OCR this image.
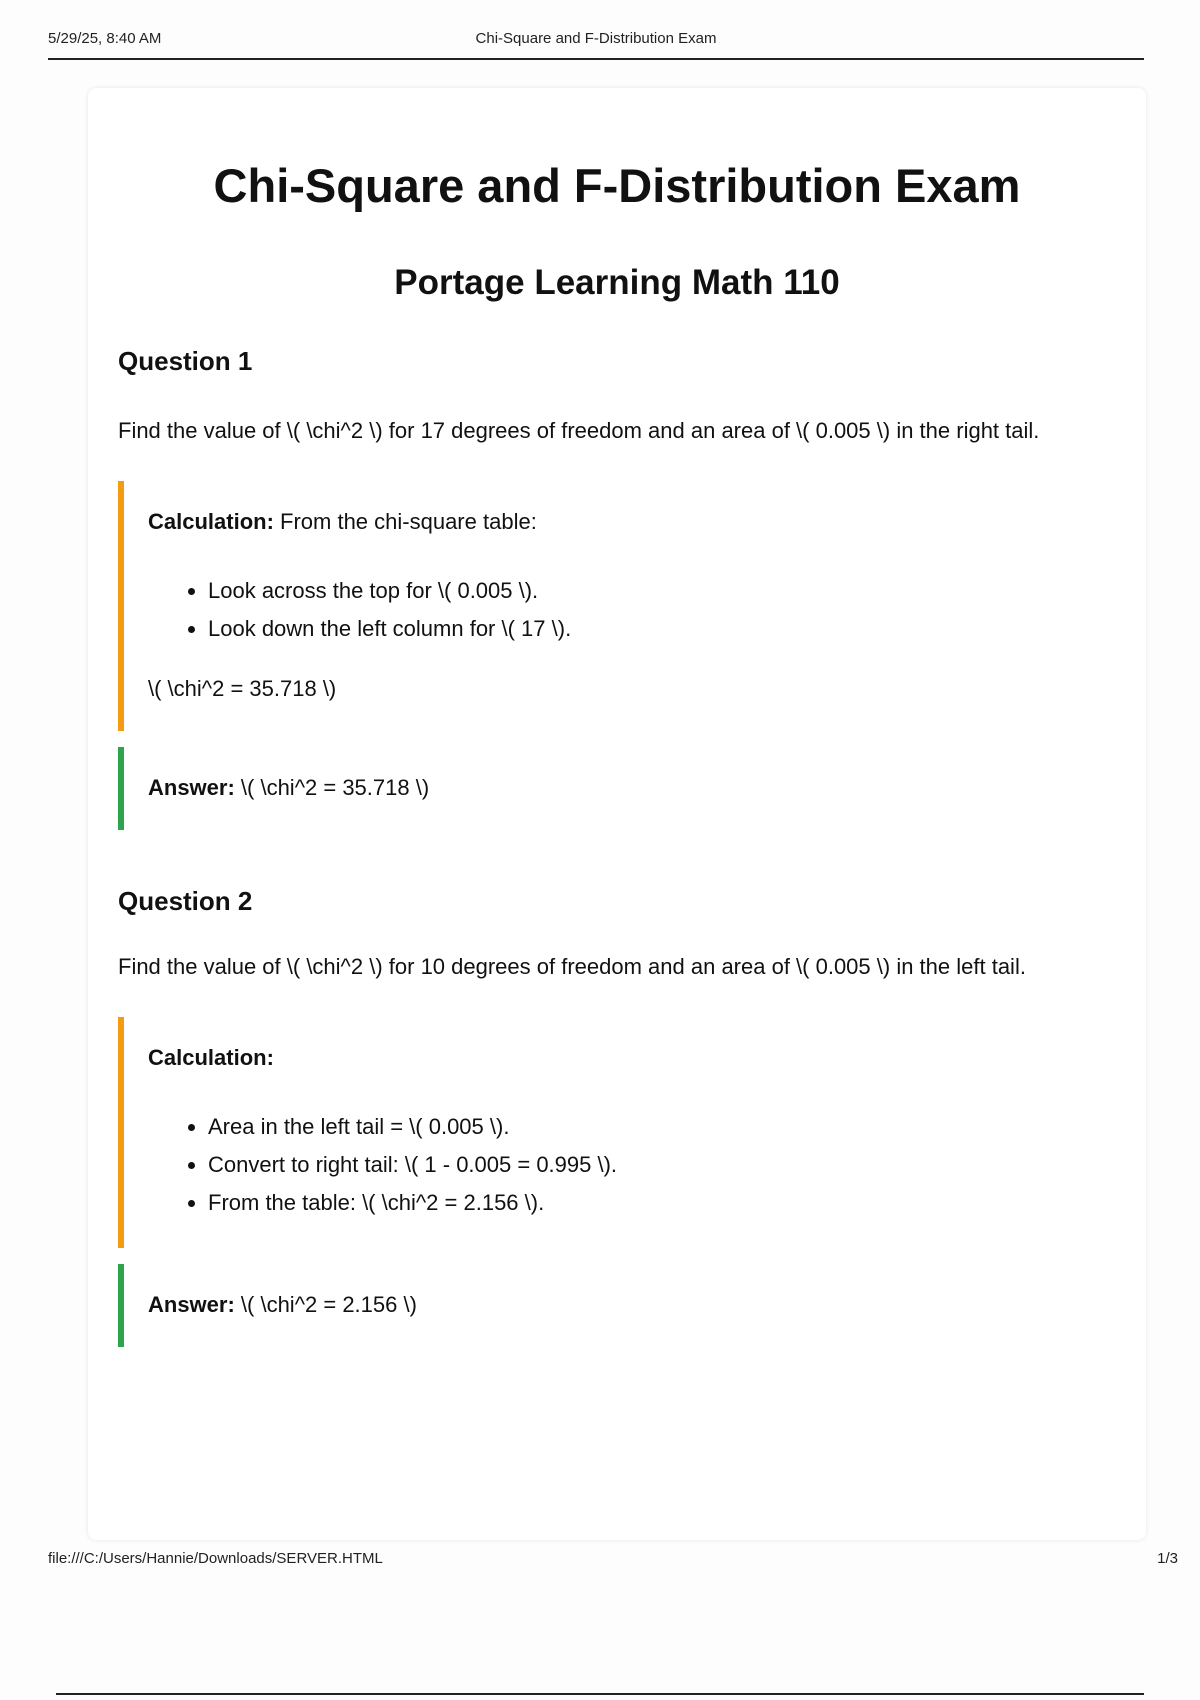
5/29/25, 8:40 AM	Chi-Square and F-Distribution Exam
Chi-Square and F-Distribution Exam
Portage Learning Math 110
Question 1

Find the value of \( \chi^2 \) for 17 degrees of freedom and an area of \( 0.005 \) in the right tail.

Calculation: From the chi-square table:
• Look across the top for \( 0.005 \).
• Look down the left column for \( 17 \).
\( \chi^2 = 35.718 \)
Answer: \( \chi^2 = 35.718 \)
Question 2

Find the value of \( \chi^2 \) for 10 degrees of freedom and an area of \( 0.005 \) in the left tail.

Calculation:
• Area in the left tail = \( 0.005 \).
• Convert to right tail: \( 1 - 0.005 = 0.995 \).
• From the table: \( \chi^2 = 2.156 \).
Answer: \( \chi^2 = 2.156 \)
file:///C:/Users/Hannie/Downloads/SERVER.HTML	1/3
